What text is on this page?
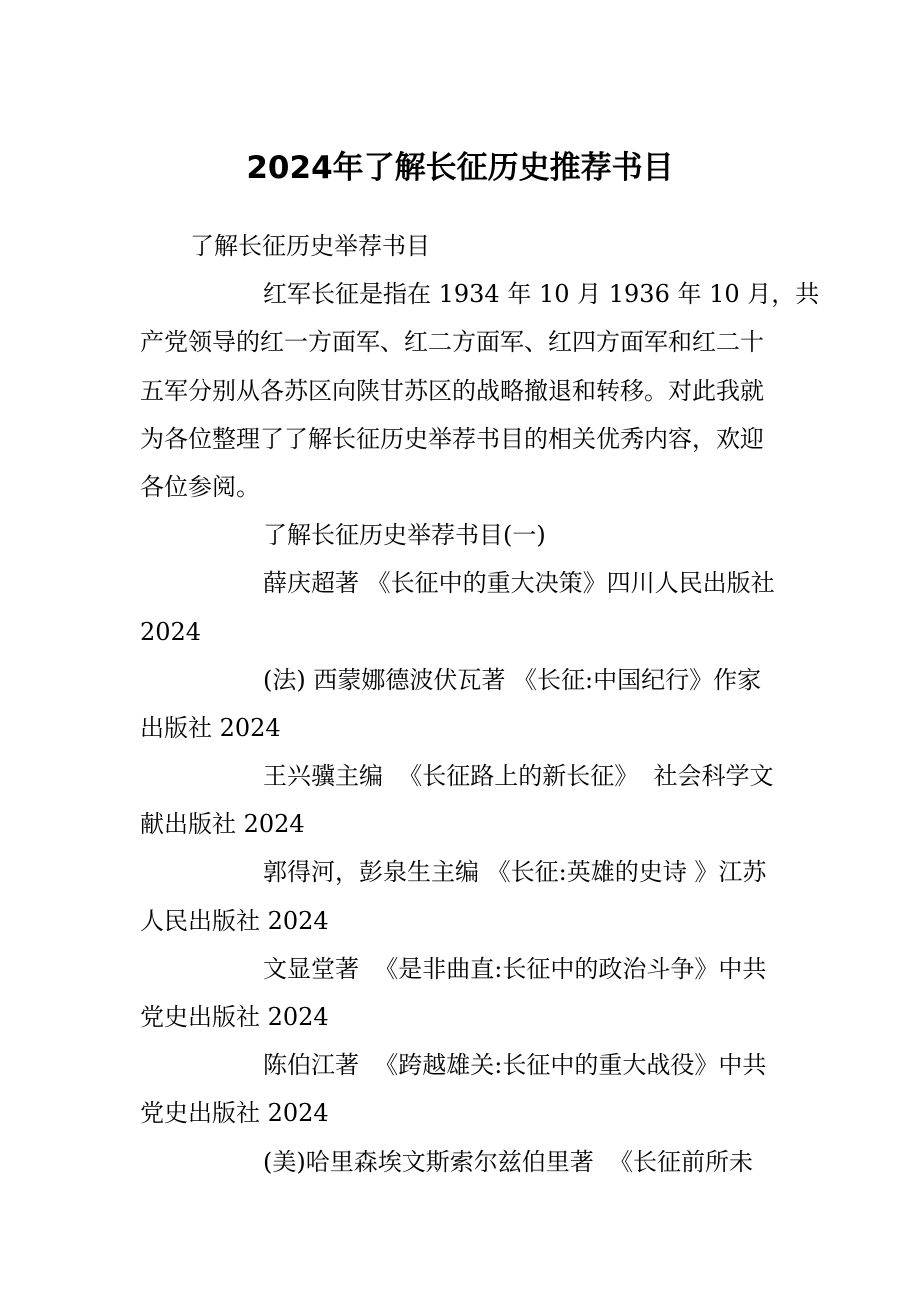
2024年了解长征历史推荐书目
了解长征历史举荐书目
红军长征是指在 1934 年 10 月 1936 年 10 月，共
产党领导的红一方面军、红二方面军、红四方面军和红二十
五军分别从各苏区向陕甘苏区的战略撤退和转移。对此我就
为各位整理了了解长征历史举荐书目的相关优秀内容，欢迎
各位参阅。
了解长征历史举荐书目(一)
薛庆超著 《长征中的重大决策》四川人民出版社
2024
(法) 西蒙娜德波伏瓦著 《长征:中国纪行》作家
出版社 2024
王兴骥主编  《长征路上的新长征》  社会科学文
献出版社 2024
郭得河，彭泉生主编 《长征:英雄的史诗 》江苏
人民出版社 2024
文显堂著  《是非曲直:长征中的政治斗争》中共
党史出版社 2024
陈伯江著  《跨越雄关:长征中的重大战役》中共
党史出版社 2024
(美)哈里森埃文斯索尔兹伯里著  《长征前所未
